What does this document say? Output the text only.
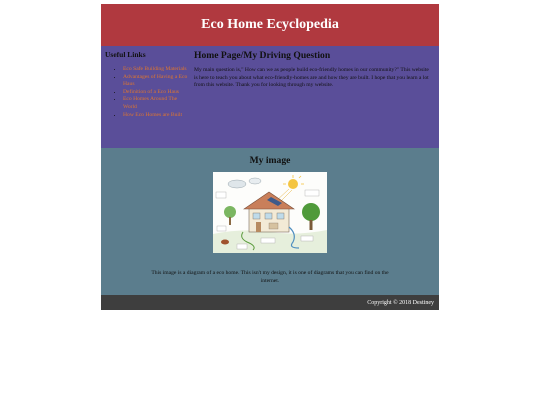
Eco Home Ecyclopedia
Useful Links
• Eco Safe Building Materials
• Advantages of Having a Eco Haus
• Definition of a Eco Haus
• Eco Homes Around The World
• How Eco Homes are Built
Home Page/My Driving Question

My main question is," How can we as people build eco-friendly homes in our community?" This website is here to teach you about what eco-friendly-homes are and how they are built. I hope that you learn a lot from this website. Thank you for looking through my website.

My image
This image is a diagram of a eco home. This isn't my design, it is one of diagrams that you can find on the internet.
Copyright © 2018 Destiney
